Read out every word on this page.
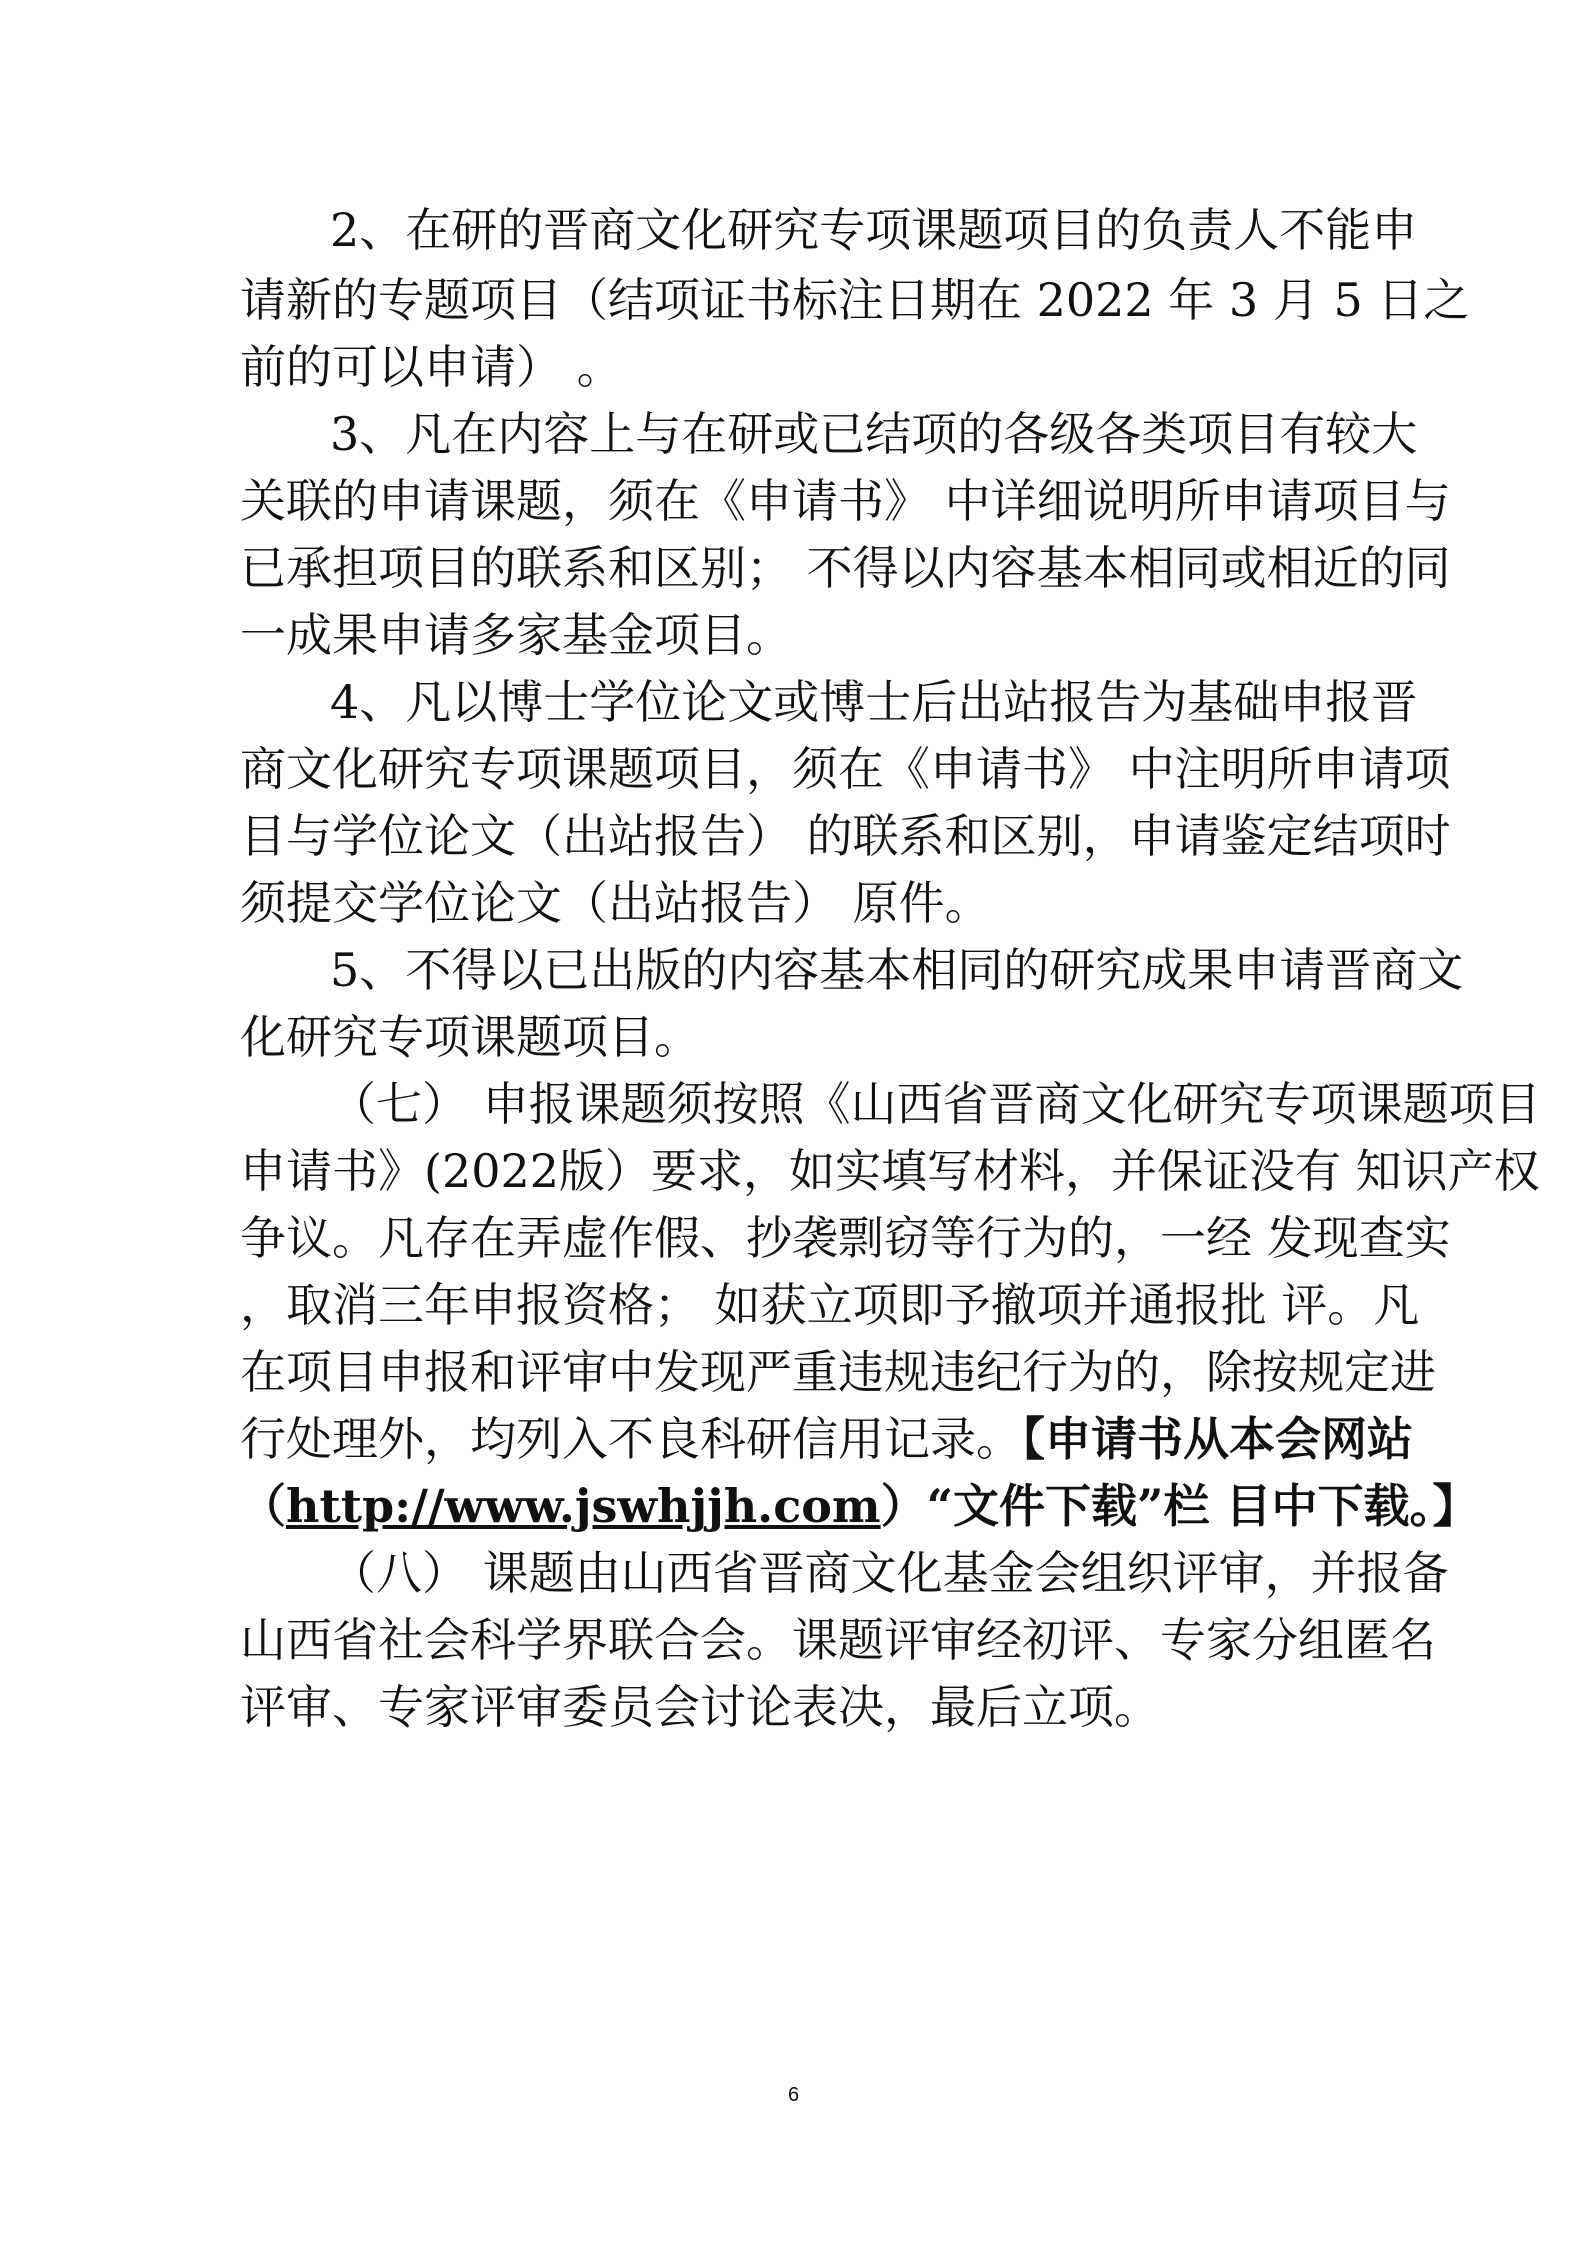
2、在研的晋商文化研究专项课题项目的负责人不能申
请新的专题项目（结项证书标注日期在 2022 年 3 月 5 日之
前的可以申请） 。
3、凡在内容上与在研或已结项的各级各类项目有较大
关联的申请课题，须在《申请书》 中详细说明所申请项目与
已承担项目的联系和区别； 不得以内容基本相同或相近的同
一成果申请多家基金项目。
4、凡以博士学位论文或博士后出站报告为基础申报晋
商文化研究专项课题项目，须在《申请书》 中注明所申请项
目与学位论文（出站报告） 的联系和区别，申请鉴定结项时
须提交学位论文（出站报告） 原件。
5、不得以已出版的内容基本相同的研究成果申请晋商文
化研究专项课题项目。
（七） 申报课题须按照《山西省晋商文化研究专项课题项目
申请书》(2022版）要求，如实填写材料，并保证没有 知识产权
争议。凡存在弄虚作假、抄袭剽窃等行为的，一经 发现查实
，取消三年申报资格； 如获立项即予撤项并通报批 评。凡
在项目申报和评审中发现严重违规违纪行为的，除按规定进
行处理外，均列入不良科研信用记录。【申请书从本会网站
（http://www.jswhjjh.com）“文件下载”栏 目中下载。】
（八） 课题由山西省晋商文化基金会组织评审，并报备
山西省社会科学界联合会。课题评审经初评、专家分组匿名
评审、专家评审委员会讨论表决，最后立项。
6
